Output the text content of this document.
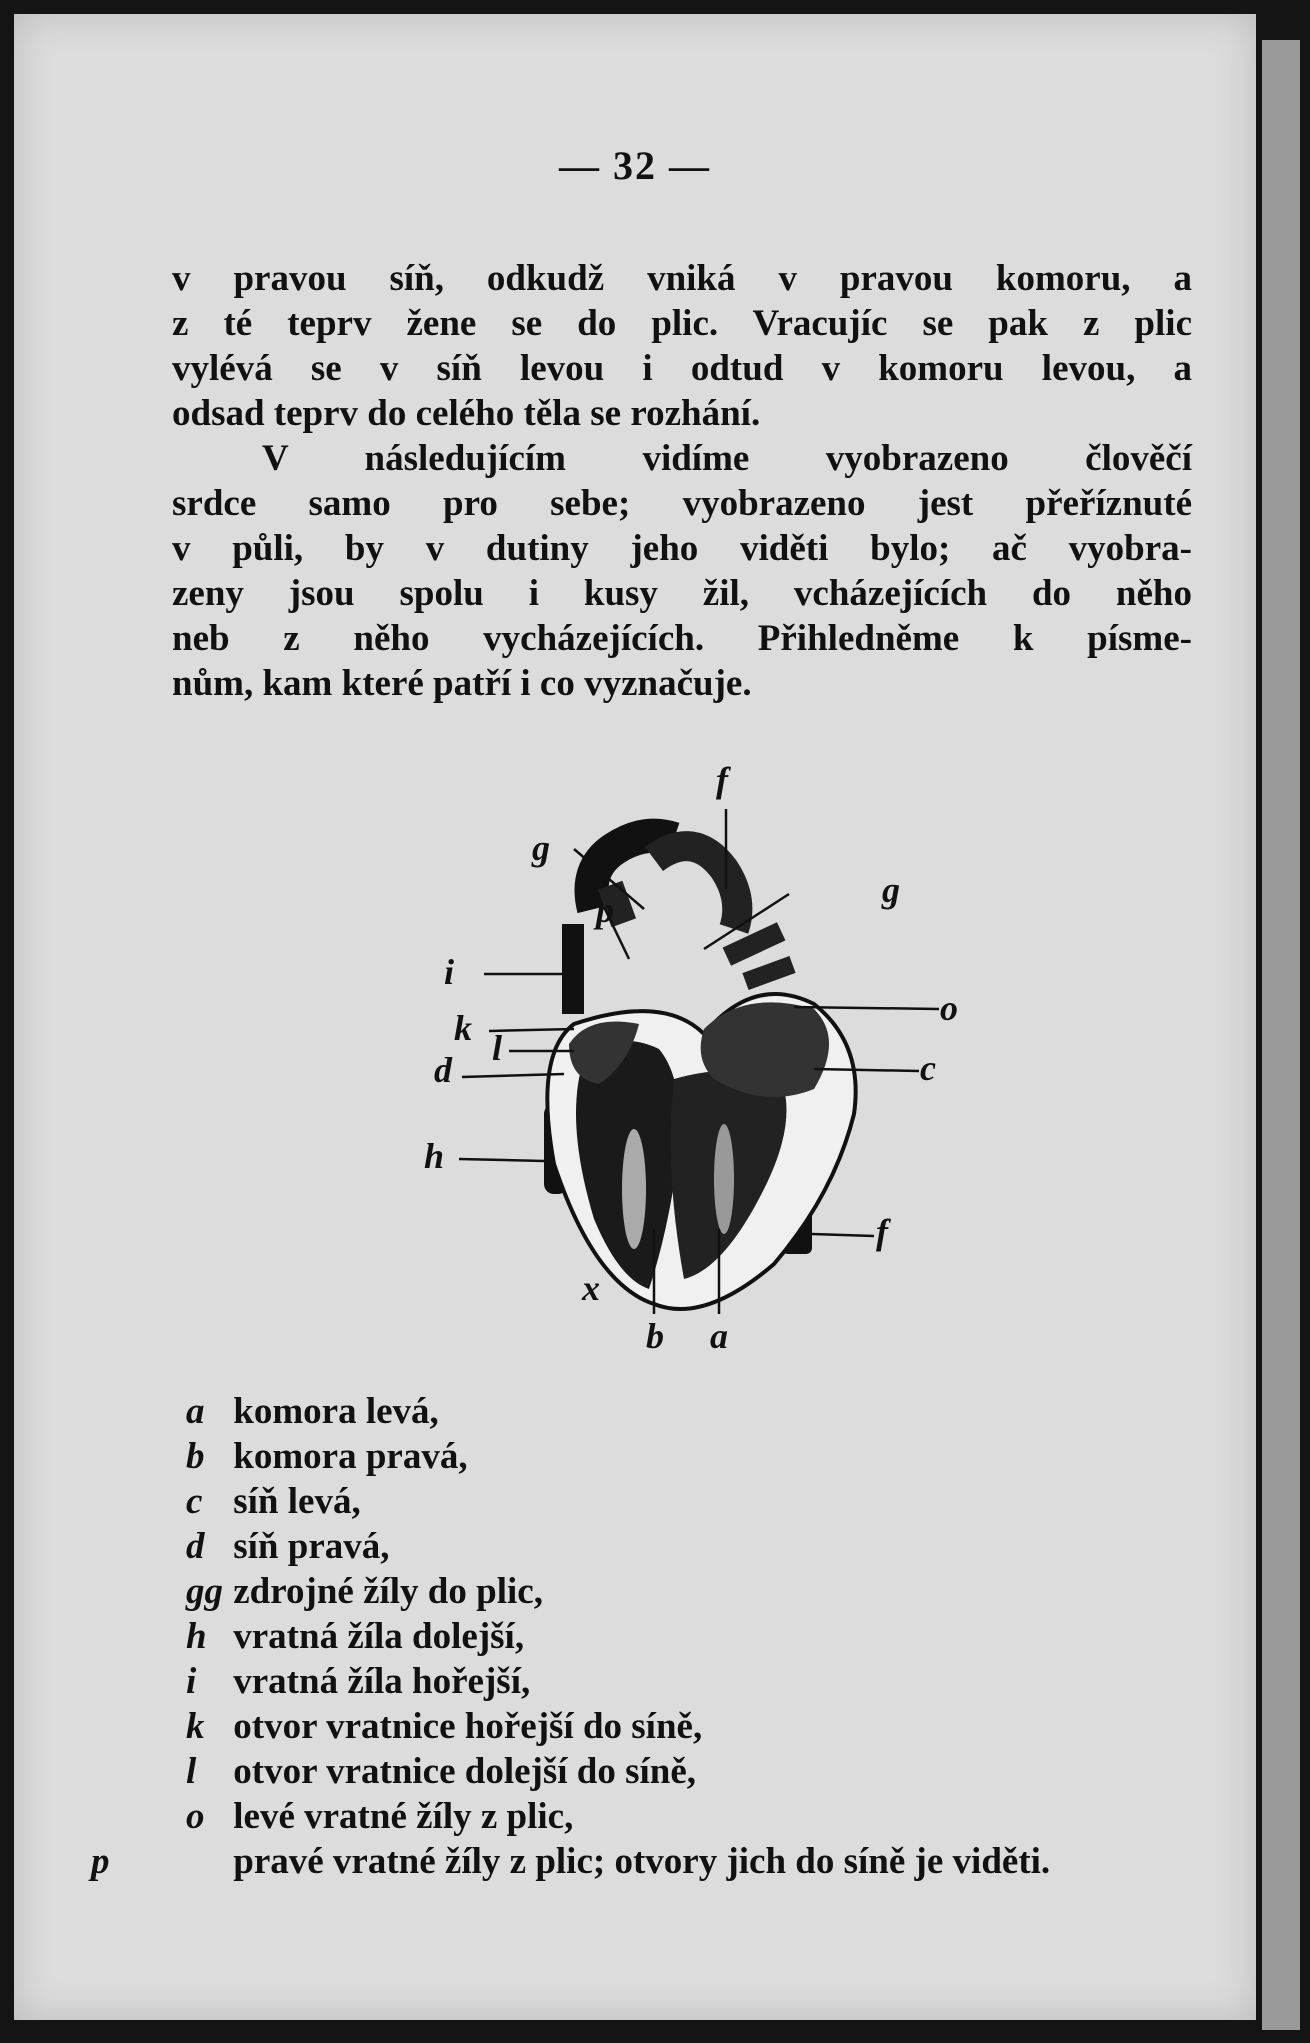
— 32 —

v pravou síň, odkudž vniká v pravou komoru, a
z té teprv žene se do plic. Vracujíc se pak z plic
vylévá se v síň levou i odtud v komoru levou, a
odsad teprv do celého těla se rozhání.

V následujícím vidíme vyobrazeno člověčí
srdce samo pro sebe; vyobrazeno jest přeříznuté
v půli, by v dutiny jeho viděti bylo; ač vyobra-
zeny jsou spolu i kusy žil, vcházejících do něho
neb z něho vycházejících. Přihledněme k písme-
nům, kam které patří i co vyznačuje.

f
g
g
p
i
k l
d
o
c
h
f
x
b a
a komora levá,
b komora pravá,
c síň levá,
d síň pravá,
gg zdrojné žíly do plic,
h vratná žíla dolejší,
i vratná žíla hořejší,
k otvor vratnice hořejší do síně,
l otvor vratnice dolejší do síně,
o levé vratné žíly z plic,
p	pravé vratné žíly z plic; otvory jich do síně je viděti.
